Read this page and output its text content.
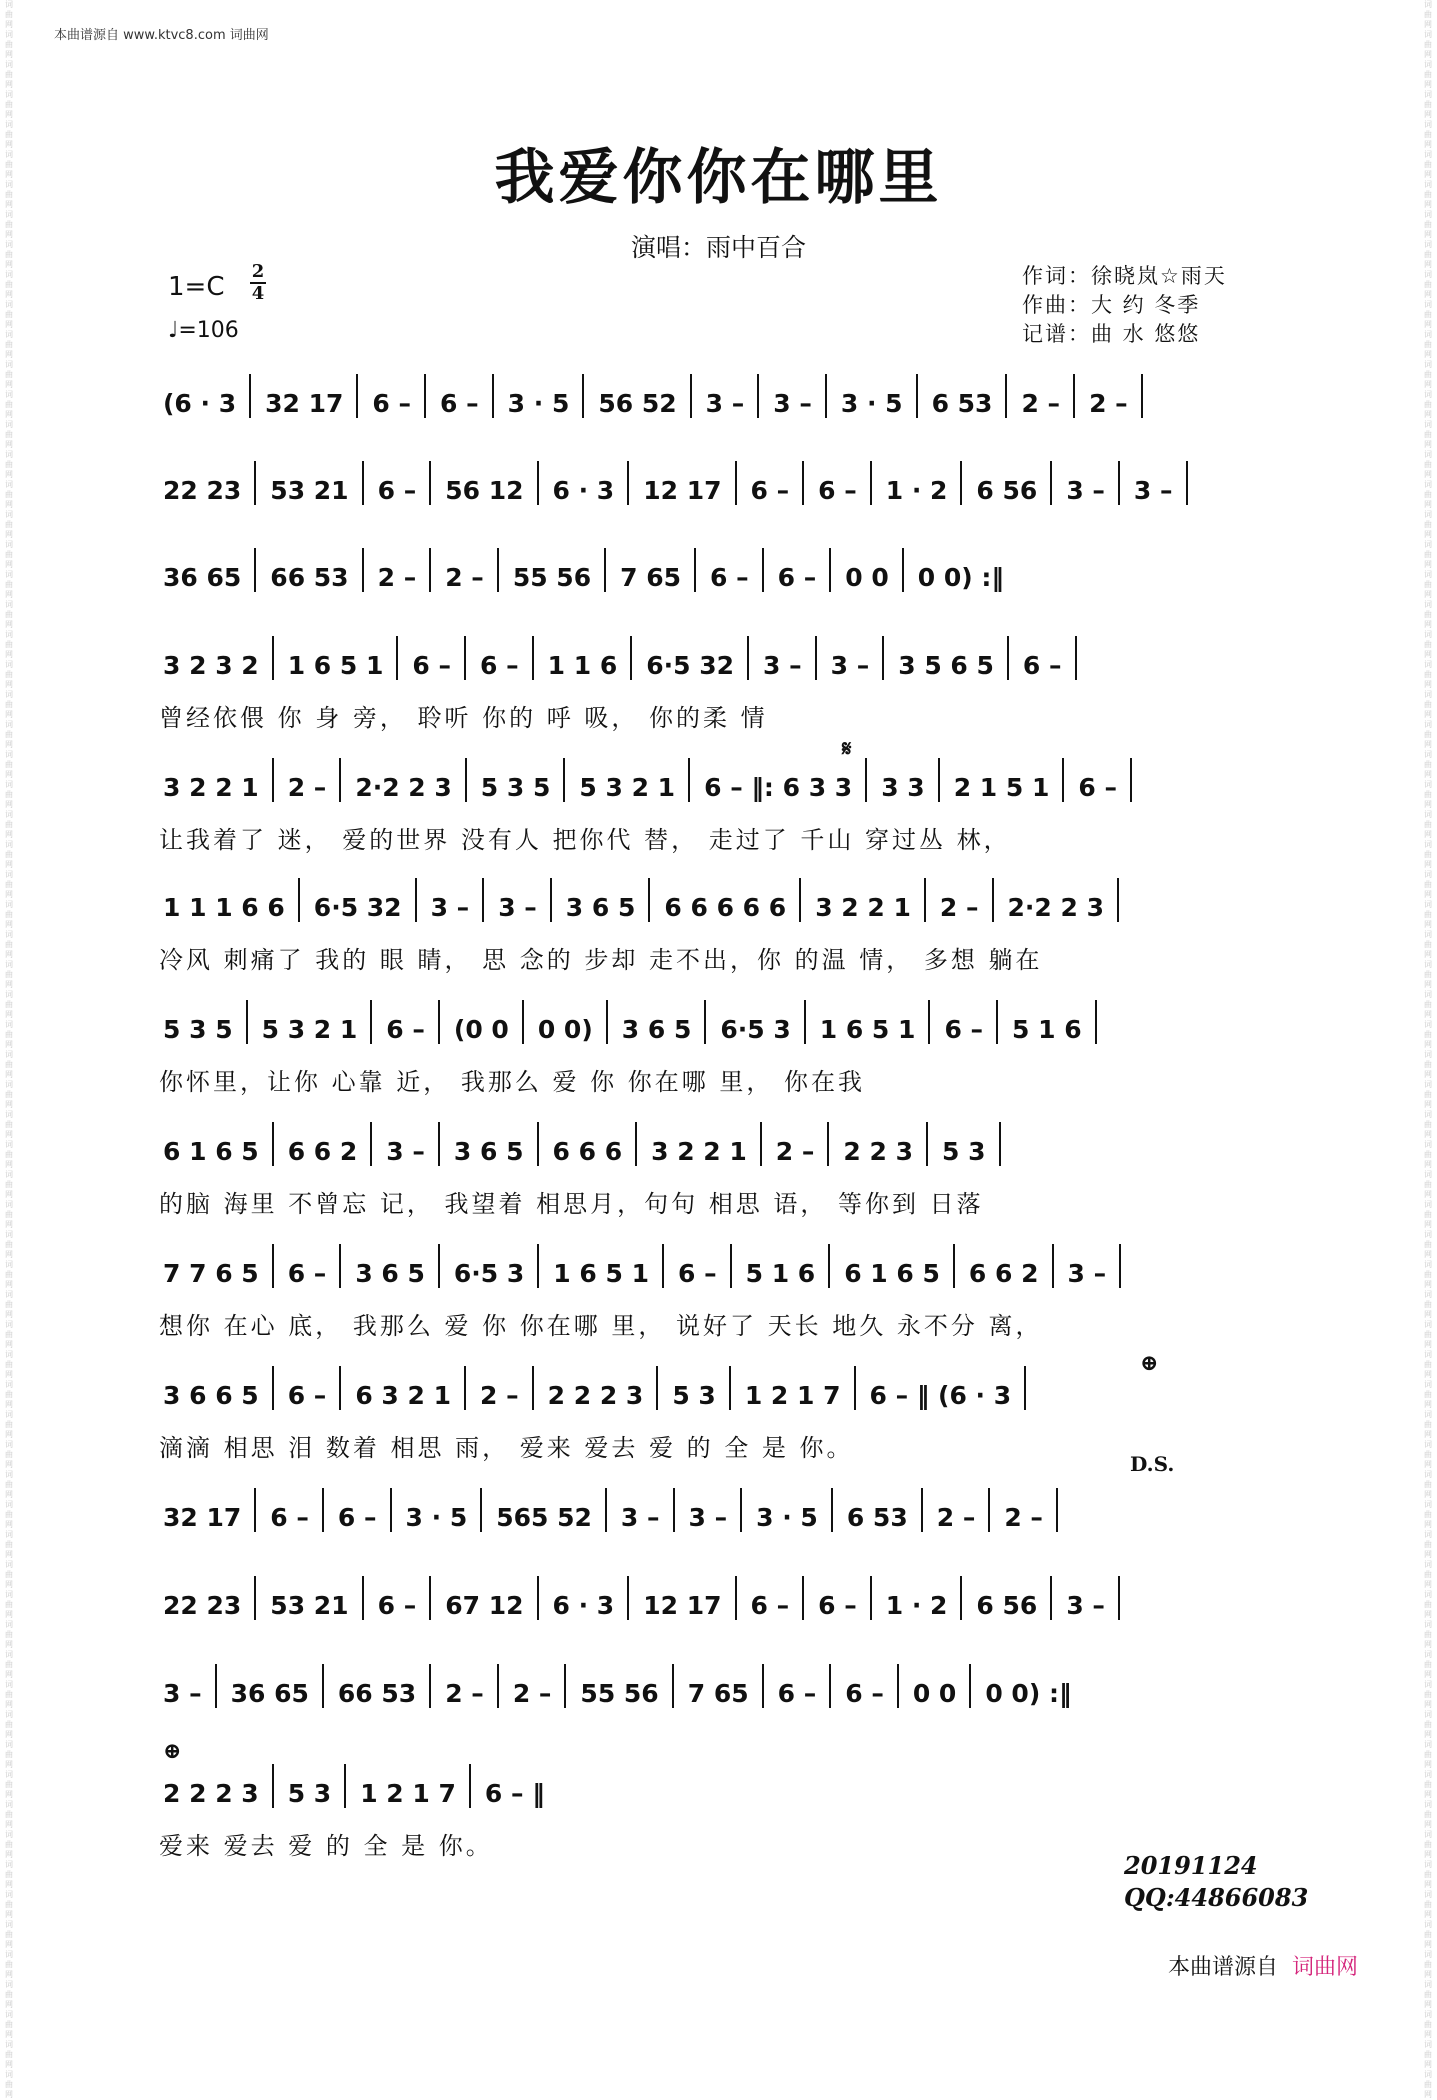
词曲网 词曲网 词曲网 词曲网 词曲网 词曲网 词曲网 词曲网 词曲网 词曲网 词曲网 词曲网 词曲网 词曲网 词曲网 词曲网 词曲网 词曲网 词曲网 词曲网 词曲网 词曲网 词曲网 词曲网 词曲网 词曲网 词曲网 词曲网 词曲网 词曲网 词曲网 词曲网 词曲网 词曲网 词曲网 词曲网 词曲网 词曲网 词曲网 词曲网 词曲网 词曲网 词曲网 词曲网 词曲网 词曲网 词曲网 词曲网 词曲网 词曲网 词曲网 词曲网 词曲网 词曲网 词曲网 词曲网 词曲网 词曲网 词曲网 词曲网 词曲网 词曲网 词曲网 词曲网 词曲网 词曲网 词曲网 词曲网 词曲网 词曲网
词曲网 词曲网 词曲网 词曲网 词曲网 词曲网 词曲网 词曲网 词曲网 词曲网 词曲网 词曲网 词曲网 词曲网 词曲网 词曲网 词曲网 词曲网 词曲网 词曲网 词曲网 词曲网 词曲网 词曲网 词曲网 词曲网 词曲网 词曲网 词曲网 词曲网 词曲网 词曲网 词曲网 词曲网 词曲网 词曲网 词曲网 词曲网 词曲网 词曲网 词曲网 词曲网 词曲网 词曲网 词曲网 词曲网 词曲网 词曲网 词曲网 词曲网 词曲网 词曲网 词曲网 词曲网 词曲网 词曲网 词曲网 词曲网 词曲网 词曲网 词曲网 词曲网 词曲网 词曲网 词曲网 词曲网 词曲网 词曲网 词曲网 词曲网
本曲谱源自 www.ktvc8.com 词曲网
我爱你你在哪里
演唱：雨中百合
1=C
2
4
♩=106
作词：徐晓岚☆雨天
作曲：大 约 冬季
记谱：曲 水 悠悠
(6 · 3 32 17 6 – 6 – 3 · 5 56 52 3 – 3 – 3 · 5 6 53 2 – 2 –
22 23 53 21 6 – 56 12 6 · 3 12 17 6 – 6 – 1 · 2 6 56 3 – 3 –
36 65 66 53 2 – 2 – 55 56 7 65 6 – 6 – 0 0 0 0) :‖
3 2 3 2 1 6 5 1 6 – 6 – 1 1 6 6·5 32 3 – 3 – 3 5 6 5 6 –
曾经依偎 你 身 旁， 聆听 你的 呼 吸， 你的柔 情
3 2 2 1 2 – 2·2 2 3 5 3 5 5 3 2 1 6 – ‖: 6 3 3 3 3 2 1 5 1 6 –
让我着了 迷， 爱的世界 没有人 把你代 替， 走过了 千山 穿过丛 林，
1 1 1 6 6 6·5 32 3 – 3 – 3 6 5 6 6 6 6 6 3 2 2 1 2 – 2·2 2 3
冷风 刺痛了 我的 眼 睛， 思 念的 步却 走不出，你 的温 情， 多想 躺在
5 3 5 5 3 2 1 6 – (0 0 0 0) 3 6 5 6·5 3 1 6 5 1 6 – 5 1 6
你怀里，让你 心靠 近， 我那么 爱 你 你在哪 里， 你在我
6 1 6 5 6 6 2 3 – 3 6 5 6 6 6 3 2 2 1 2 – 2 2 3 5 3
的脑 海里 不曾忘 记， 我望着 相思月，句句 相思 语， 等你到 日落
7 7 6 5 6 – 3 6 5 6·5 3 1 6 5 1 6 – 5 1 6 6 1 6 5 6 6 2 3 –
想你 在心 底， 我那么 爱 你 你在哪 里， 说好了 天长 地久 永不分 离，
3 6 6 5 6 – 6 3 2 1 2 – 2 2 2 3 5 3 1 2 1 7 6 – ‖ (6 · 3
滴滴 相思 泪 数着 相思 雨， 爱来 爱去 爱 的 全 是 你。
32 17 6 – 6 – 3 · 5 565 52 3 – 3 – 3 · 5 6 53 2 – 2 –
22 23 53 21 6 – 67 12 6 · 3 12 17 6 – 6 – 1 · 2 6 56 3 –
3 – 36 65 66 53 2 – 2 – 55 56 7 65 6 – 6 – 0 0 0 0) :‖
2 2 2 3 5 3 1 2 1 7 6 – ‖
爱来 爱去 爱 的 全 是 你。
𝄋
⊕
D.S.
⊕
20191124
QQ:44866083
本曲谱源自 词曲网
